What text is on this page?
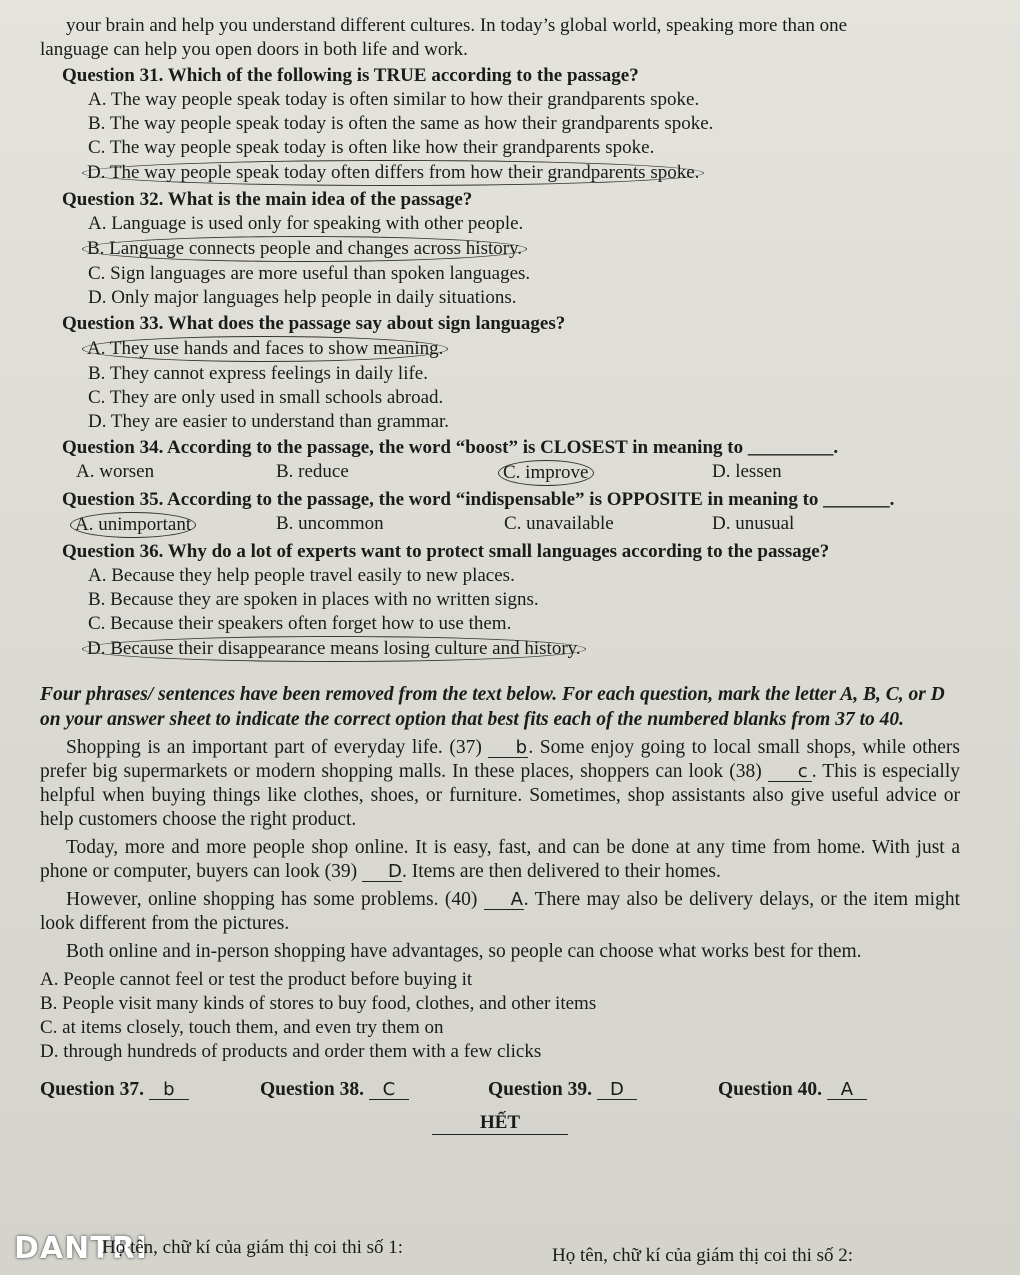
your brain and help you understand different cultures. In today’s global world, speaking more than one

language can help you open doors in both life and work.

Question 31. Which of the following is TRUE according to the passage?

A. The way people speak today is often similar to how their grandparents spoke.

B. The way people speak today is often the same as how their grandparents spoke.

C. The way people speak today is often like how their grandparents spoke.

D. The way people speak today often differs from how their grandparents spoke.

Question 32. What is the main idea of the passage?

A. Language is used only for speaking with other people.

B. Language connects people and changes across history.

C. Sign languages are more useful than spoken languages.

D. Only major languages help people in daily situations.

Question 33. What does the passage say about sign languages?

A. They use hands and faces to show meaning.

B. They cannot express feelings in daily life.

C. They are only used in small schools abroad.

D. They are easier to understand than grammar.

Question 34. According to the passage, the word “boost” is CLOSEST in meaning to _________.

A. worsen	B. reduce	C. improve	D. lessen

Question 35. According to the passage, the word “indispensable” is OPPOSITE in meaning to _______.

A. unimportant	B. uncommon	C. unavailable	D. unusual

Question 36. Why do a lot of experts want to protect small languages according to the passage?

A. Because they help people travel easily to new places.

B. Because they are spoken in places with no written signs.

C. Because their speakers often forget how to use them.

D. Because their disappearance means losing culture and history.

Four phrases/ sentences have been removed from the text below. For each question, mark the letter A, B, C, or D on your answer sheet to indicate the correct option that best fits each of the numbered blanks from 37 to 40.

Shopping is an important part of everyday life. (37) b. Some enjoy going to local small shops, while others prefer big supermarkets or modern shopping malls. In these places, shoppers can look (38) c . This is especially helpful when buying things like clothes, shoes, or furniture. Sometimes, shop assistants also give useful advice or help customers choose the right product.

Today, more and more people shop online. It is easy, fast, and can be done at any time from home. With just a phone or computer, buyers can look (39) D. Items are then delivered to their homes.

However, online shopping has some problems. (40) A. There may also be delivery delays, or the item might look different from the pictures.

Both online and in-person shopping have advantages, so people can choose what works best for them.

A. People cannot feel or test the product before buying it

B. People visit many kinds of stores to buy food, clothes, and other items

C. at items closely, touch them, and even try them on

D. through hundreds of products and order them with a few clicks

Question 37. b	Question 38. C	Question 39. D	Question 40. A
HẾT
DANTRI
Họ tên, chữ kí của giám thị coi thi số 1:	Họ tên, chữ kí của giám thị coi thi số 2:
